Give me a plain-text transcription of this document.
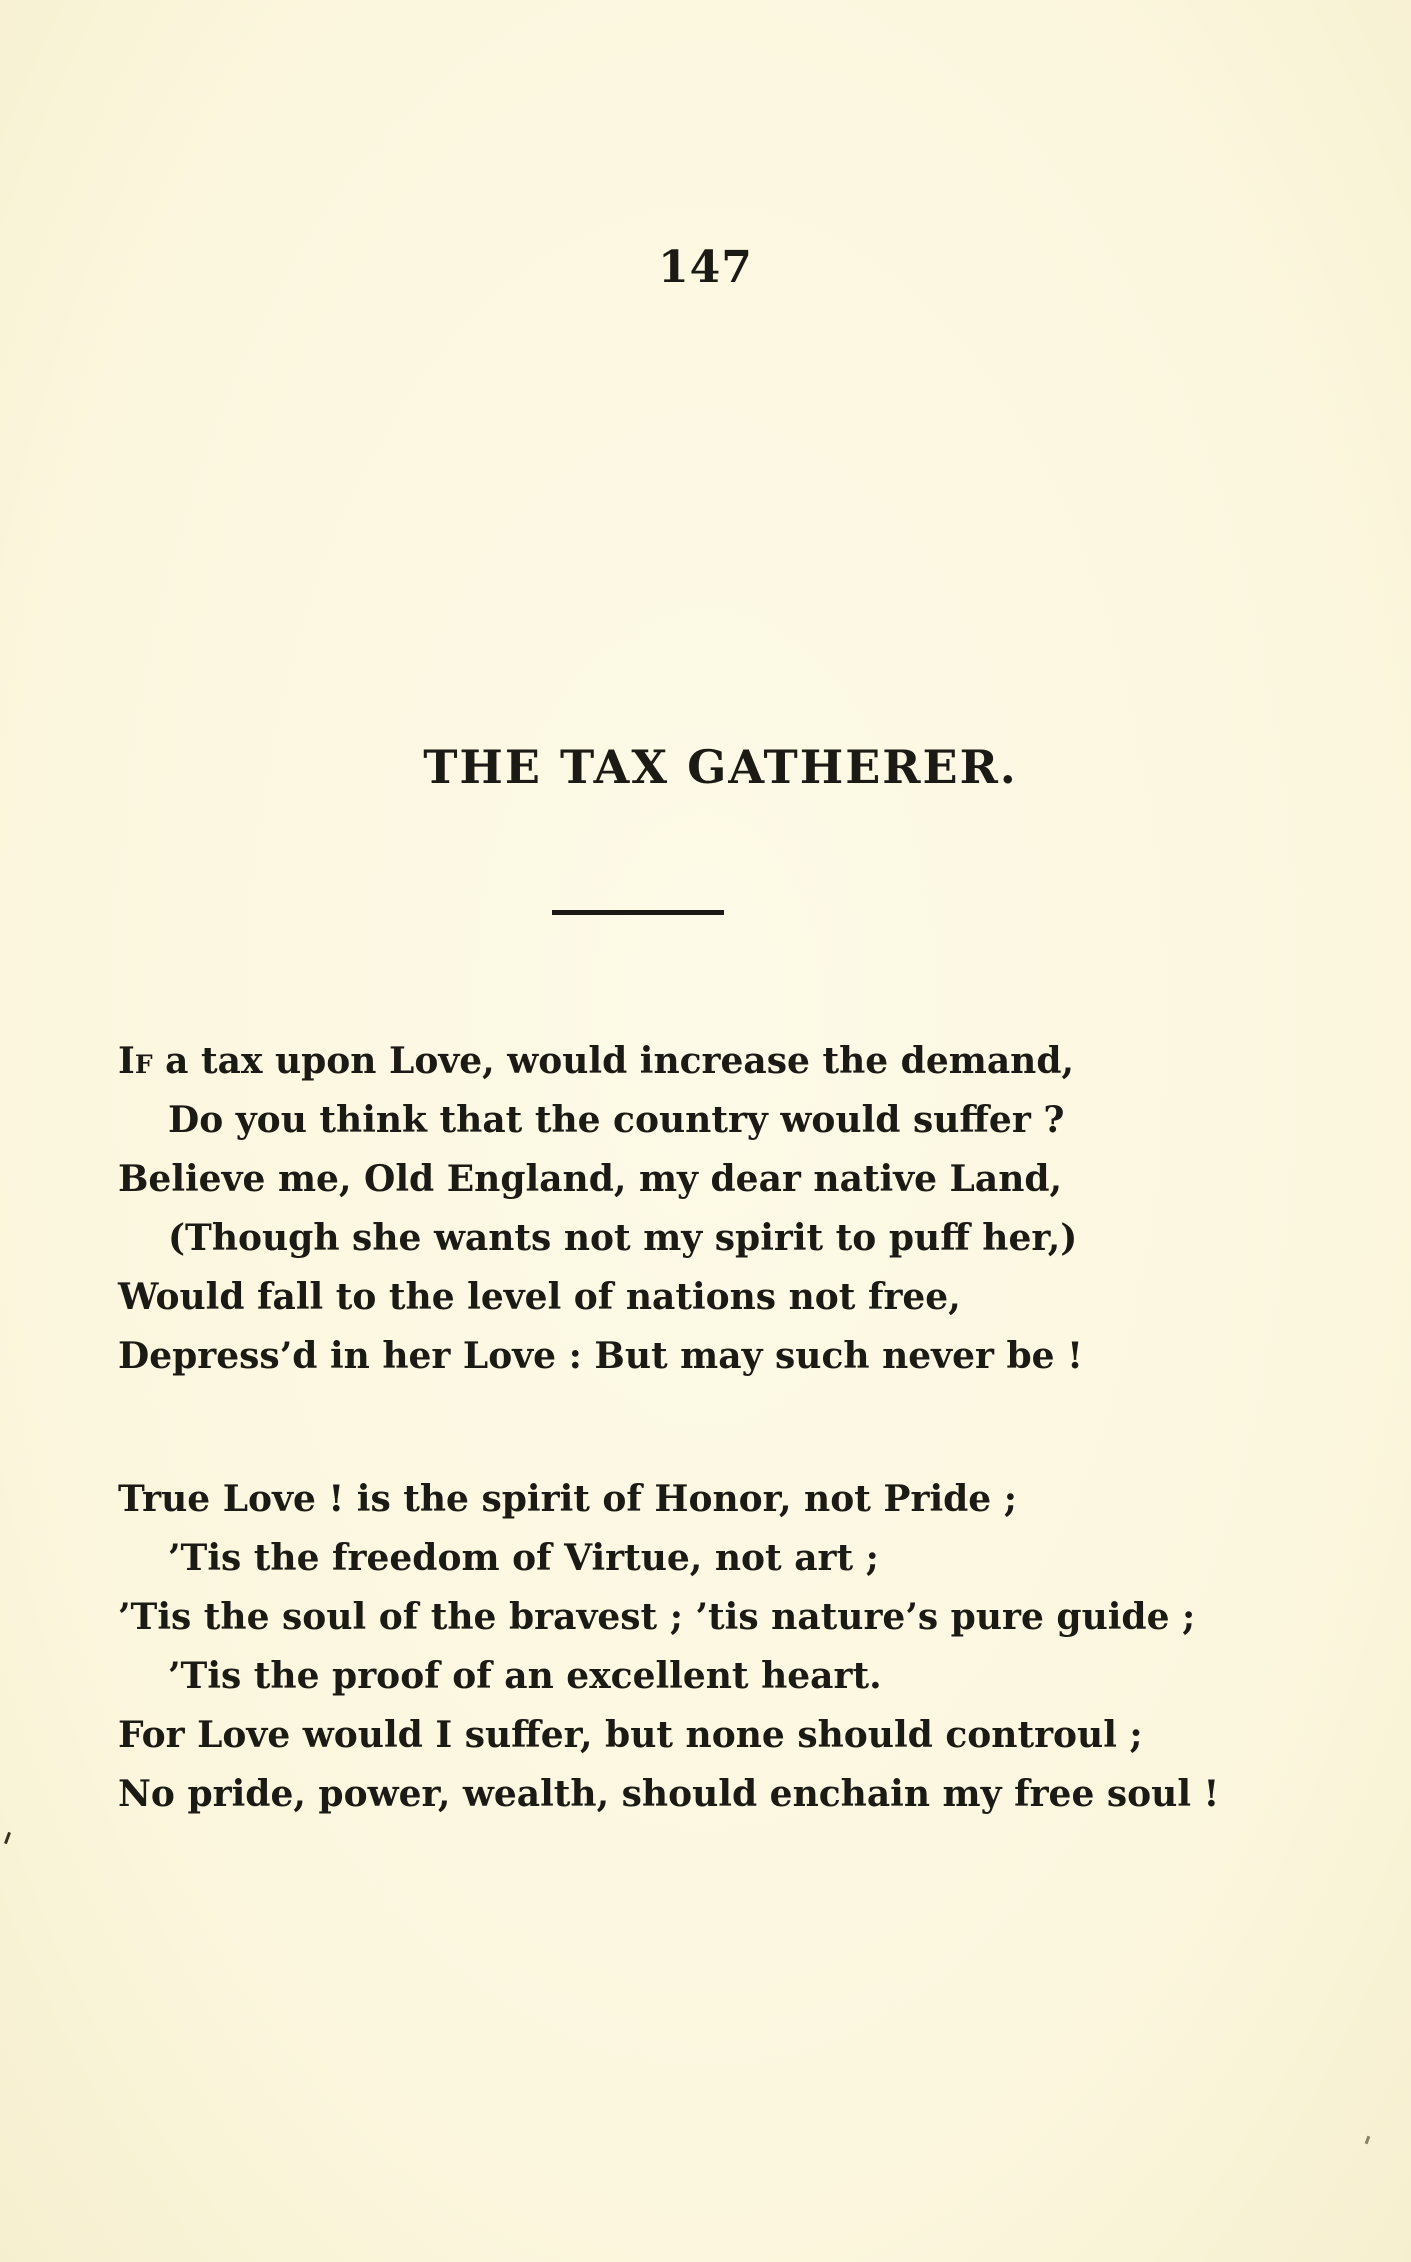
147
THE TAX GATHERER.
If a tax upon Love, would increase the demand,
Do you think that the country would suffer ?
Believe me, Old England, my dear native Land,
(Though she wants not my spirit to puff her,)
Would fall to the level of nations not free,
Depress’d in her Love : But may such never be !
True Love ! is the spirit of Honor, not Pride ;
’Tis the freedom of Virtue, not art ;
’Tis the soul of the bravest ; ’tis nature’s pure guide ;
’Tis the proof of an excellent heart.
For Love would I suffer, but none should controul ;
No pride, power, wealth, should enchain my free soul !
